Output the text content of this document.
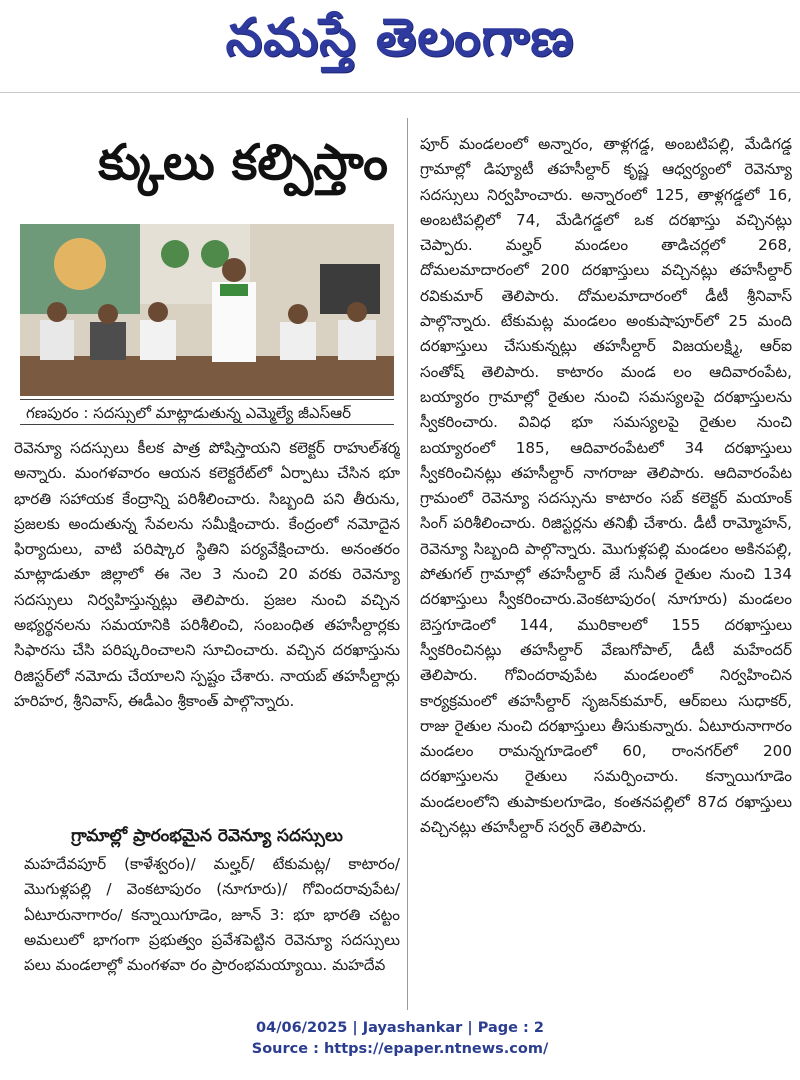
నమస్తే తెలంగాణ
క్కులు కల్పిస్తాం
గణపురం : సదస్సులో మాట్లాడుతున్న ఎమ్మెల్యే జీఎస్ఆర్
రెవెన్యూ సదస్సులు కీలక పాత్ర పోషిస్తాయని కలెక్టర్ రాహుల్‌శర్మ అన్నారు. మంగళవారం ఆయన కలెక్టరేట్‌లో ఏర్పాటు చేసిన భూ భారతి సహాయక కేంద్రాన్ని పరిశీలించారు. సిబ్బంది పని తీరును, ప్రజలకు అందుతున్న సేవలను సమీక్షించారు. కేంద్రంలో నమోదైన ఫిర్యాదులు, వాటి పరిష్కార స్థితిని పర్యవేక్షించారు. అనంతరం మాట్లాడుతూ జిల్లాలో ఈ నెల 3 నుంచి 20 వరకు రెవెన్యూ సదస్సులు నిర్వహిస్తున్నట్లు తెలిపారు. ప్రజల నుంచి వచ్చిన అభ్యర్థనలను సమయానికి పరిశీలించి, సంబంధిత తహసీల్దార్లకు సిఫారసు చేసి పరిష్కరించాలని సూచించారు. వచ్చిన దరఖాస్తును రిజిస్టర్‌లో నమోదు చేయాలని స్పష్టం చేశారు. నాయబ్ తహసీల్దార్లు హరిహర, శ్రీనివాస్, ఈడీఎం శ్రీకాంత్ పాల్గొన్నారు.
గ్రామాల్లో ప్రారంభమైన రెవెన్యూ సదస్సులు
మహదేవపూర్ (కాళేశ్వరం)/ మల్హర్/ టేకుమట్ల/ కాటారం/ మొగుళ్లపల్లి / వెంకటాపురం (నూగూరు)/ గోవిందరావుపేట/ ఏటూరునాగారం/ కన్నాయిగూడెం, జూన్ 3: భూ భారతి చట్టం అమలులో భాగంగా ప్రభుత్వం ప్రవేశపెట్టిన రెవెన్యూ సదస్సులు పలు మండలాల్లో మంగళవా రం ప్రారంభమయ్యాయి. మహదేవ
పూర్ మండలంలో అన్నారం, తాళ్లగడ్డ, అంబటిపల్లి, మేడిగడ్డ గ్రామాల్లో డిప్యూటీ తహసీల్దార్ కృష్ణ ఆధ్వర్యంలో రెవెన్యూ సదస్సులు నిర్వహించారు. అన్నారంలో 125, తాళ్లగడ్డలో 16, అంబటిపల్లిలో 74, మేడిగడ్డలో ఒక దరఖాస్తు వచ్చినట్లు చెప్పారు. మల్హర్ మండలం తాడిచర్లలో 268, దోమలమాదారంలో 200 దరఖాస్తులు వచ్చినట్లు తహసీల్దార్ రవికుమార్ తెలిపారు. దోమలమాదారంలో డీటీ శ్రీనివాస్ పాల్గొన్నారు. టేకుమట్ల మండలం అంకుషాపూర్‌లో 25 మంది దరఖాస్తులు చేసుకున్నట్లు తహసీల్దార్ విజయలక్ష్మి, ఆర్ఐ సంతోష్ తెలిపారు. కాటారం మండ లం ఆదివారంపేట, బయ్యారం గ్రామాల్లో రైతుల నుంచి సమస్యలపై దరఖాస్తులను స్వీకరించారు. వివిధ భూ సమస్యలపై రైతుల నుంచి బయ్యారంలో 185, ఆదివారంపేటలో 34 దరఖాస్తులు స్వీకరించినట్లు తహసీల్దార్ నాగరాజు తెలిపారు. ఆదివారంపేట గ్రామంలో రెవెన్యూ సదస్సును కాటారం సబ్ కలెక్టర్ మయాంక్ సింగ్ పరిశీలించారు. రిజిస్టర్లను తనిఖీ చేశారు. డీటీ రామ్మోహన్, రెవెన్యూ సిబ్బంది పాల్గొన్నారు. మొగుళ్లపల్లి మండలం అకినపల్లి, పోతుగల్ గ్రామాల్లో తహసీల్దార్ జే సునీత రైతుల నుంచి 134 దరఖాస్తులు స్వీకరించారు.వెంకటాపురం( నూగూరు) మండలం బెస్తగూడెంలో 144, మురికాలలో 155 దరఖాస్తులు స్వీకరించినట్లు తహసీల్దార్ వేణుగోపాల్, డీటీ మహేందర్ తెలిపారు. గోవిందరావుపేట మండలంలో నిర్వహించిన కార్యక్రమంలో తహసీల్దార్ సృజన్‌కుమార్, ఆర్ఐలు సుధాకర్, రాజు రైతుల నుంచి దరఖాస్తులు తీసుకున్నారు. ఏటూరునాగారం మండలం రామన్నగూడెంలో 60, రాంనగర్‌లో 200 దరఖాస్తులను రైతులు సమర్పించారు. కన్నాయిగూడెం మండలంలోని తుపాకులగూడెం, కంతనపల్లిలో 87ద రఖాస్తులు వచ్చినట్లు తహసీల్దార్ సర్వర్ తెలిపారు.
04/06/2025 | Jayashankar | Page : 2
Source : https://epaper.ntnews.com/
